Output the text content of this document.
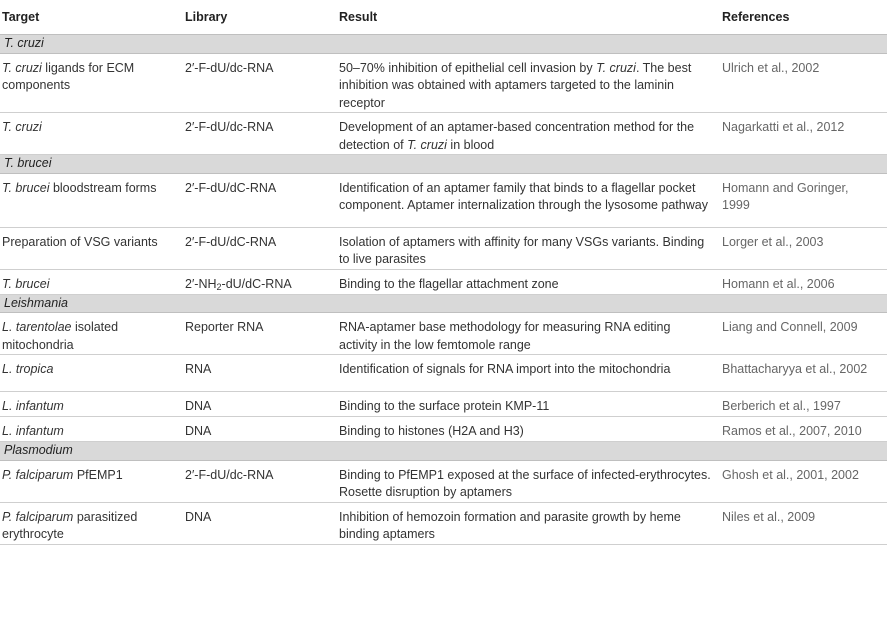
Target	Library	Result	References
T. cruzi			
T. cruzi ligands for ECM components	2′-F-dU/dc-RNA	50–70% inhibition of epithelial cell invasion by T. cruzi. The best inhibition was obtained with aptamers targeted to the laminin receptor	Ulrich et al., 2002
T. cruzi	2′-F-dU/dc-RNA	Development of an aptamer-based concentration method for the detection of T. cruzi in blood	Nagarkatti et al., 2012
T. brucei			
T. brucei bloodstream forms	2′-F-dU/dC-RNA	Identification of an aptamer family that binds to a flagellar pocket component. Aptamer internalization through the lysosome pathway	Homann and Goringer, 1999
Preparation of VSG variants	2′-F-dU/dC-RNA	Isolation of aptamers with affinity for many VSGs variants. Binding to live parasites	Lorger et al., 2003
T. brucei	$2'-NH_2-dU/dC$-RNA	Binding to the flagellar attachment zone	Homann et al., 2006
Leishmania			
L. tarentolae isolated mitochondria	Reporter RNA	RNA-aptamer base methodology for measuring RNA editing activity in the low femtomole range	Liang and Connell, 2009
L. tropica	RNA	Identification of signals for RNA import into the mitochondria	Bhattacharyya et al., 2002
L. infantum	DNA	Binding to the surface protein KMP-11	Berberich et al., 1997
L. infantum	DNA	Binding to histones (H2A and H3)	Ramos et al., 2007, 2010
Plasmodium			
P. falciparum PfEMP1	2′-F-dU/dc-RNA	Binding to PfEMP1 exposed at the surface of infected-erythrocytes. Rosette disruption by aptamers	Ghosh et al., 2001, 2002
P. falciparum parasitized erythrocyte	DNA	Inhibition of hemozoin formation and parasite growth by heme binding aptamers	Niles et al., 2009
